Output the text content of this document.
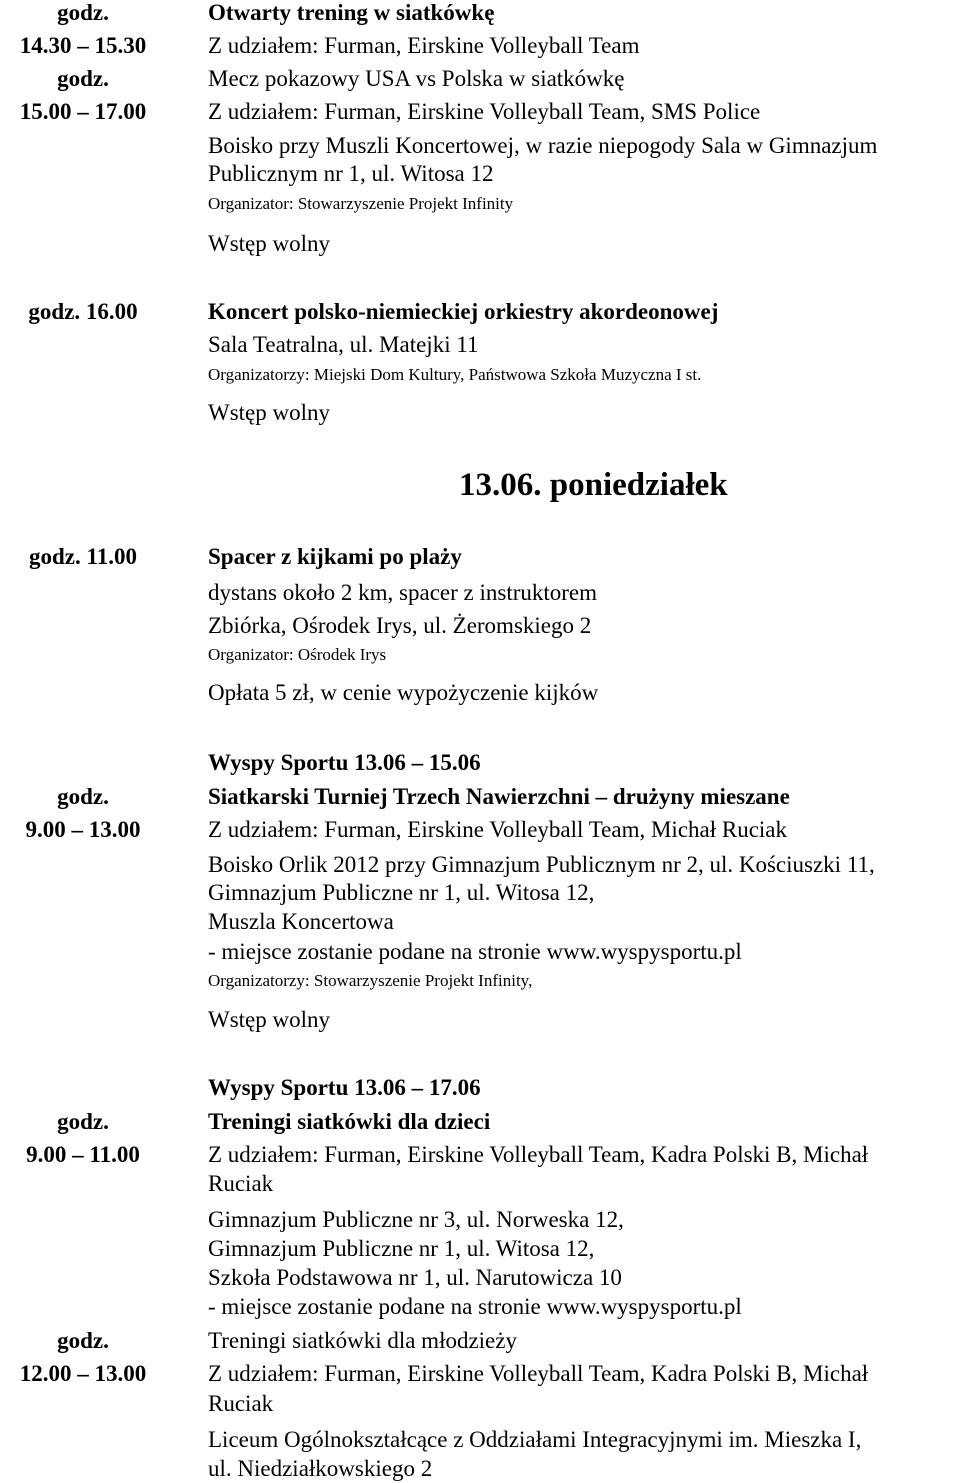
godz.
14.30 – 15.30
Otwarty trening w siatkówkę
Z udziałem: Furman, Eirskine Volleyball Team
godz.
15.00 – 17.00
Mecz pokazowy USA vs Polska w siatkówkę
Z udziałem: Furman, Eirskine Volleyball Team, SMS Police
Boisko przy Muszli Koncertowej, w razie niepogody Sala w Gimnazjum
Publicznym nr 1, ul. Witosa 12
Organizator: Stowarzyszenie Projekt Infinity
Wstęp wolny
godz. 16.00	Koncert polsko-niemieckiej orkiestry akordeonowej
Sala Teatralna, ul. Matejki 11
Organizatorzy: Miejski Dom Kultury, Państwowa Szkoła Muzyczna I st.
Wstęp wolny
13.06. poniedziałek
godz. 11.00	Spacer z kijkami po plaży
dystans około 2 km, spacer z instruktorem
Zbiórka, Ośrodek Irys, ul. Żeromskiego 2
Organizator: Ośrodek Irys
Opłata 5 zł, w cenie wypożyczenie kijków
Wyspy Sportu 13.06 – 15.06
godz.
9.00 – 13.00
Siatkarski Turniej Trzech Nawierzchni – drużyny mieszane
Z udziałem: Furman, Eirskine Volleyball Team, Michał Ruciak
Boisko Orlik 2012 przy Gimnazjum Publicznym nr 2, ul. Kościuszki 11,
Gimnazjum Publiczne nr 1, ul. Witosa 12,
Muszla Koncertowa
- miejsce zostanie podane na stronie www.wyspysportu.pl
Organizatorzy: Stowarzyszenie Projekt Infinity,
Wstęp wolny
Wyspy Sportu 13.06 – 17.06
godz.
9.00 – 11.00
Treningi siatkówki dla dzieci
Z udziałem: Furman, Eirskine Volleyball Team, Kadra Polski B, Michał
Ruciak
Gimnazjum Publiczne nr 3, ul. Norweska 12,
Gimnazjum Publiczne nr 1, ul. Witosa 12,
Szkoła Podstawowa nr 1, ul. Narutowicza 10
- miejsce zostanie podane na stronie www.wyspysportu.pl
godz.
12.00 – 13.00
Treningi siatkówki dla młodzieży
Z udziałem: Furman, Eirskine Volleyball Team, Kadra Polski B, Michał
Ruciak
Liceum Ogólnokształcące z Oddziałami Integracyjnymi im. Mieszka I,
ul. Niedziałkowskiego 2
